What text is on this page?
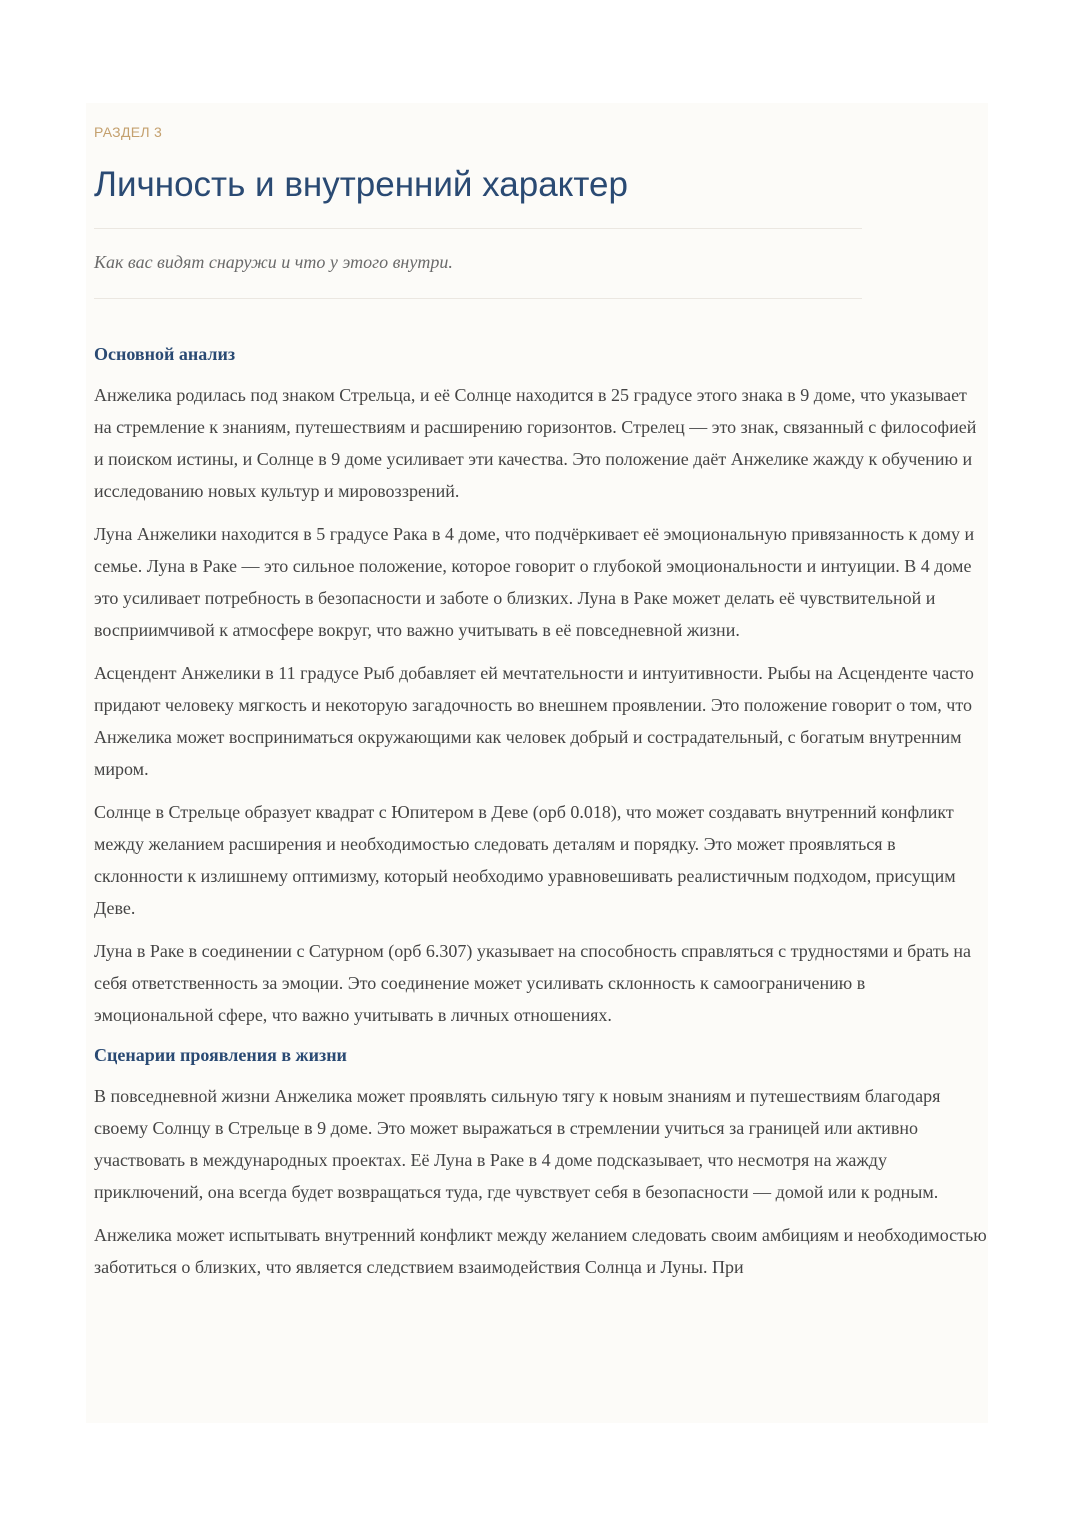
РАЗДЕЛ 3

Личность и внутренний характер

Как вас видят снаружи и что у этого внутри.

Основной анализ

Анжелика родилась под знаком Стрельца, и её Солнце находится в 25 градусе этого знака в 9 доме, что указывает на стремление к знаниям, путешествиям и расширению горизонтов. Стрелец — это знак, связанный с философией и поиском истины, и Солнце в 9 доме усиливает эти качества. Это положение даёт Анжелике жажду к обучению и исследованию новых культур и мировоззрений.

Луна Анжелики находится в 5 градусе Рака в 4 доме, что подчёркивает её эмоциональную привязанность к дому и семье. Луна в Раке — это сильное положение, которое говорит о глубокой эмоциональности и интуиции. В 4 доме это усиливает потребность в безопасности и заботе о близких. Луна в Раке может делать её чувствительной и восприимчивой к атмосфере вокруг, что важно учитывать в её повседневной жизни.

Асцендент Анжелики в 11 градусе Рыб добавляет ей мечтательности и интуитивности. Рыбы на Асценденте часто придают человеку мягкость и некоторую загадочность во внешнем проявлении. Это положение говорит о том, что Анжелика может восприниматься окружающими как человек добрый и сострадательный, с богатым внутренним миром.

Солнце в Стрельце образует квадрат с Юпитером в Деве (орб 0.018), что может создавать внутренний конфликт между желанием расширения и необходимостью следовать деталям и порядку. Это может проявляться в склонности к излишнему оптимизму, который необходимо уравновешивать реалистичным подходом, присущим Деве.

Луна в Раке в соединении с Сатурном (орб 6.307) указывает на способность справляться с трудностями и брать на себя ответственность за эмоции. Это соединение может усиливать склонность к самоограничению в эмоциональной сфере, что важно учитывать в личных отношениях.

Сценарии проявления в жизни

В повседневной жизни Анжелика может проявлять сильную тягу к новым знаниям и путешествиям благодаря своему Солнцу в Стрельце в 9 доме. Это может выражаться в стремлении учиться за границей или активно участвовать в международных проектах. Её Луна в Раке в 4 доме подсказывает, что несмотря на жажду приключений, она всегда будет возвращаться туда, где чувствует себя в безопасности — домой или к родным.

Анжелика может испытывать внутренний конфликт между желанием следовать своим амбициям и необходимостью заботиться о близких, что является следствием взаимодействия Солнца и Луны. При
